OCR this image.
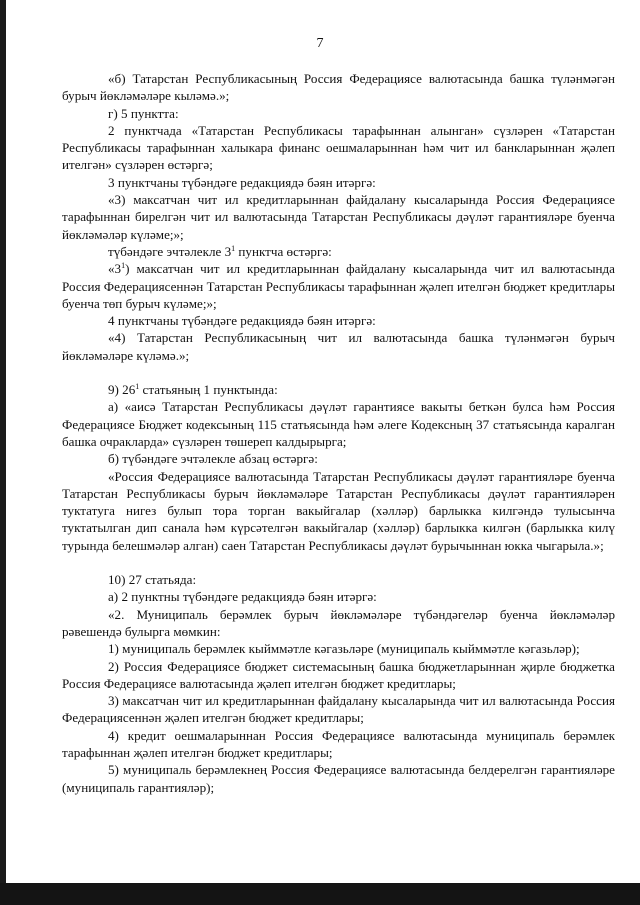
7

«б) Татарстан Республикасының Россия Федерациясе валютасында башка түләнмәгән бурыч йөкләмәләре кыләмә.»;

г) 5 пунктта:

2 пунктчада «Татарстан Республикасы тарафыннан алынган» сүзләрен «Татарстан Республикасы тарафыннан халыкара финанс оешмаларыннан һәм чит ил банкларыннан җәлеп ителгән» сүзләрен өстәргә;

3 пунктчаны түбәндәге редакциядә бәян итәргә:

«3) максатчан чит ил кредитларыннан файдалану кысаларында Россия Федерациясе тарафыннан бирелгән чит ил валютасында Татарстан Республикасы дәүләт гарантияләре буенча йөкләмәләр күләме;»;

түбәндәге эчтәлекле $3^1$ пунктча өстәргә:

«$3^1$) максатчан чит ил кредитларыннан файдалану кысаларында чит ил валютасында Россия Федерациясеннән Татарстан Республикасы тарафыннан җәлеп ителгән бюджет кредитлары буенча төп бурыч күләме;»;

4 пунктчаны түбәндәге редакциядә бәян итәргә:

«4) Татарстан Республикасының чит ил валютасында башка түләнмәгән бурыч йөкләмәләре күләмә.»;

9) $26^1$ статьяның 1 пунктында:

а) «аисә Татарстан Республикасы дәүләт гарантиясе вакыты беткән булса һәм Россия Федерациясе Бюджет кодексының 115 статьясында һәм әлеге Кодексның 37 статьясында каралган башка очракларда» сүзләрен төшереп калдырырга;

б) түбәндәге эчтәлекле абзац өстәргә:

«Россия Федерациясе валютасында Татарстан Республикасы дәүләт гарантияләре буенча Татарстан Республикасы бурыч йөкләмәләре Татарстан Республикасы дәүләт гарантияләрен туктатуга нигез булып тора торган вакыйгалар (хәлләр) барлыкка килгәндә тулысынча туктатылган дип санала һәм күрсәтелгән вакыйгалар (хәлләр) барлыкка килгән (барлыкка килү турында белешмәләр алган) саен Татарстан Республикасы дәүләт бурычыннан юкка чыгарыла.»;

10) 27 статьяда:

а) 2 пунктны түбәндәге редакциядә бәян итәргә:

«2. Муниципаль берәмлек бурыч йөкләмәләре түбәндәгеләр буенча йөкләмәләр рәвешендә булырга мөмкин:

1) муниципаль берәмлек кыйммәтле кәгазьләре (муниципаль кыйммәтле кәгазьләр);

2) Россия Федерациясе бюджет системасының башка бюджетларыннан җирле бюджетка Россия Федерациясе валютасында җәлеп ителгән бюджет кредитлары;

3) максатчан чит ил кредитларыннан файдалану кысаларында чит ил валютасында Россия Федерациясеннән җәлеп ителгән бюджет кредитлары;

4) кредит оешмаларыннан Россия Федерациясе валютасында муниципаль берәмлек тарафыннан җәлеп ителгән бюджет кредитлары;

5) муниципаль берәмлекнең Россия Федерациясе валютасында белдерелгән гарантияләре (муниципаль гарантияләр);
